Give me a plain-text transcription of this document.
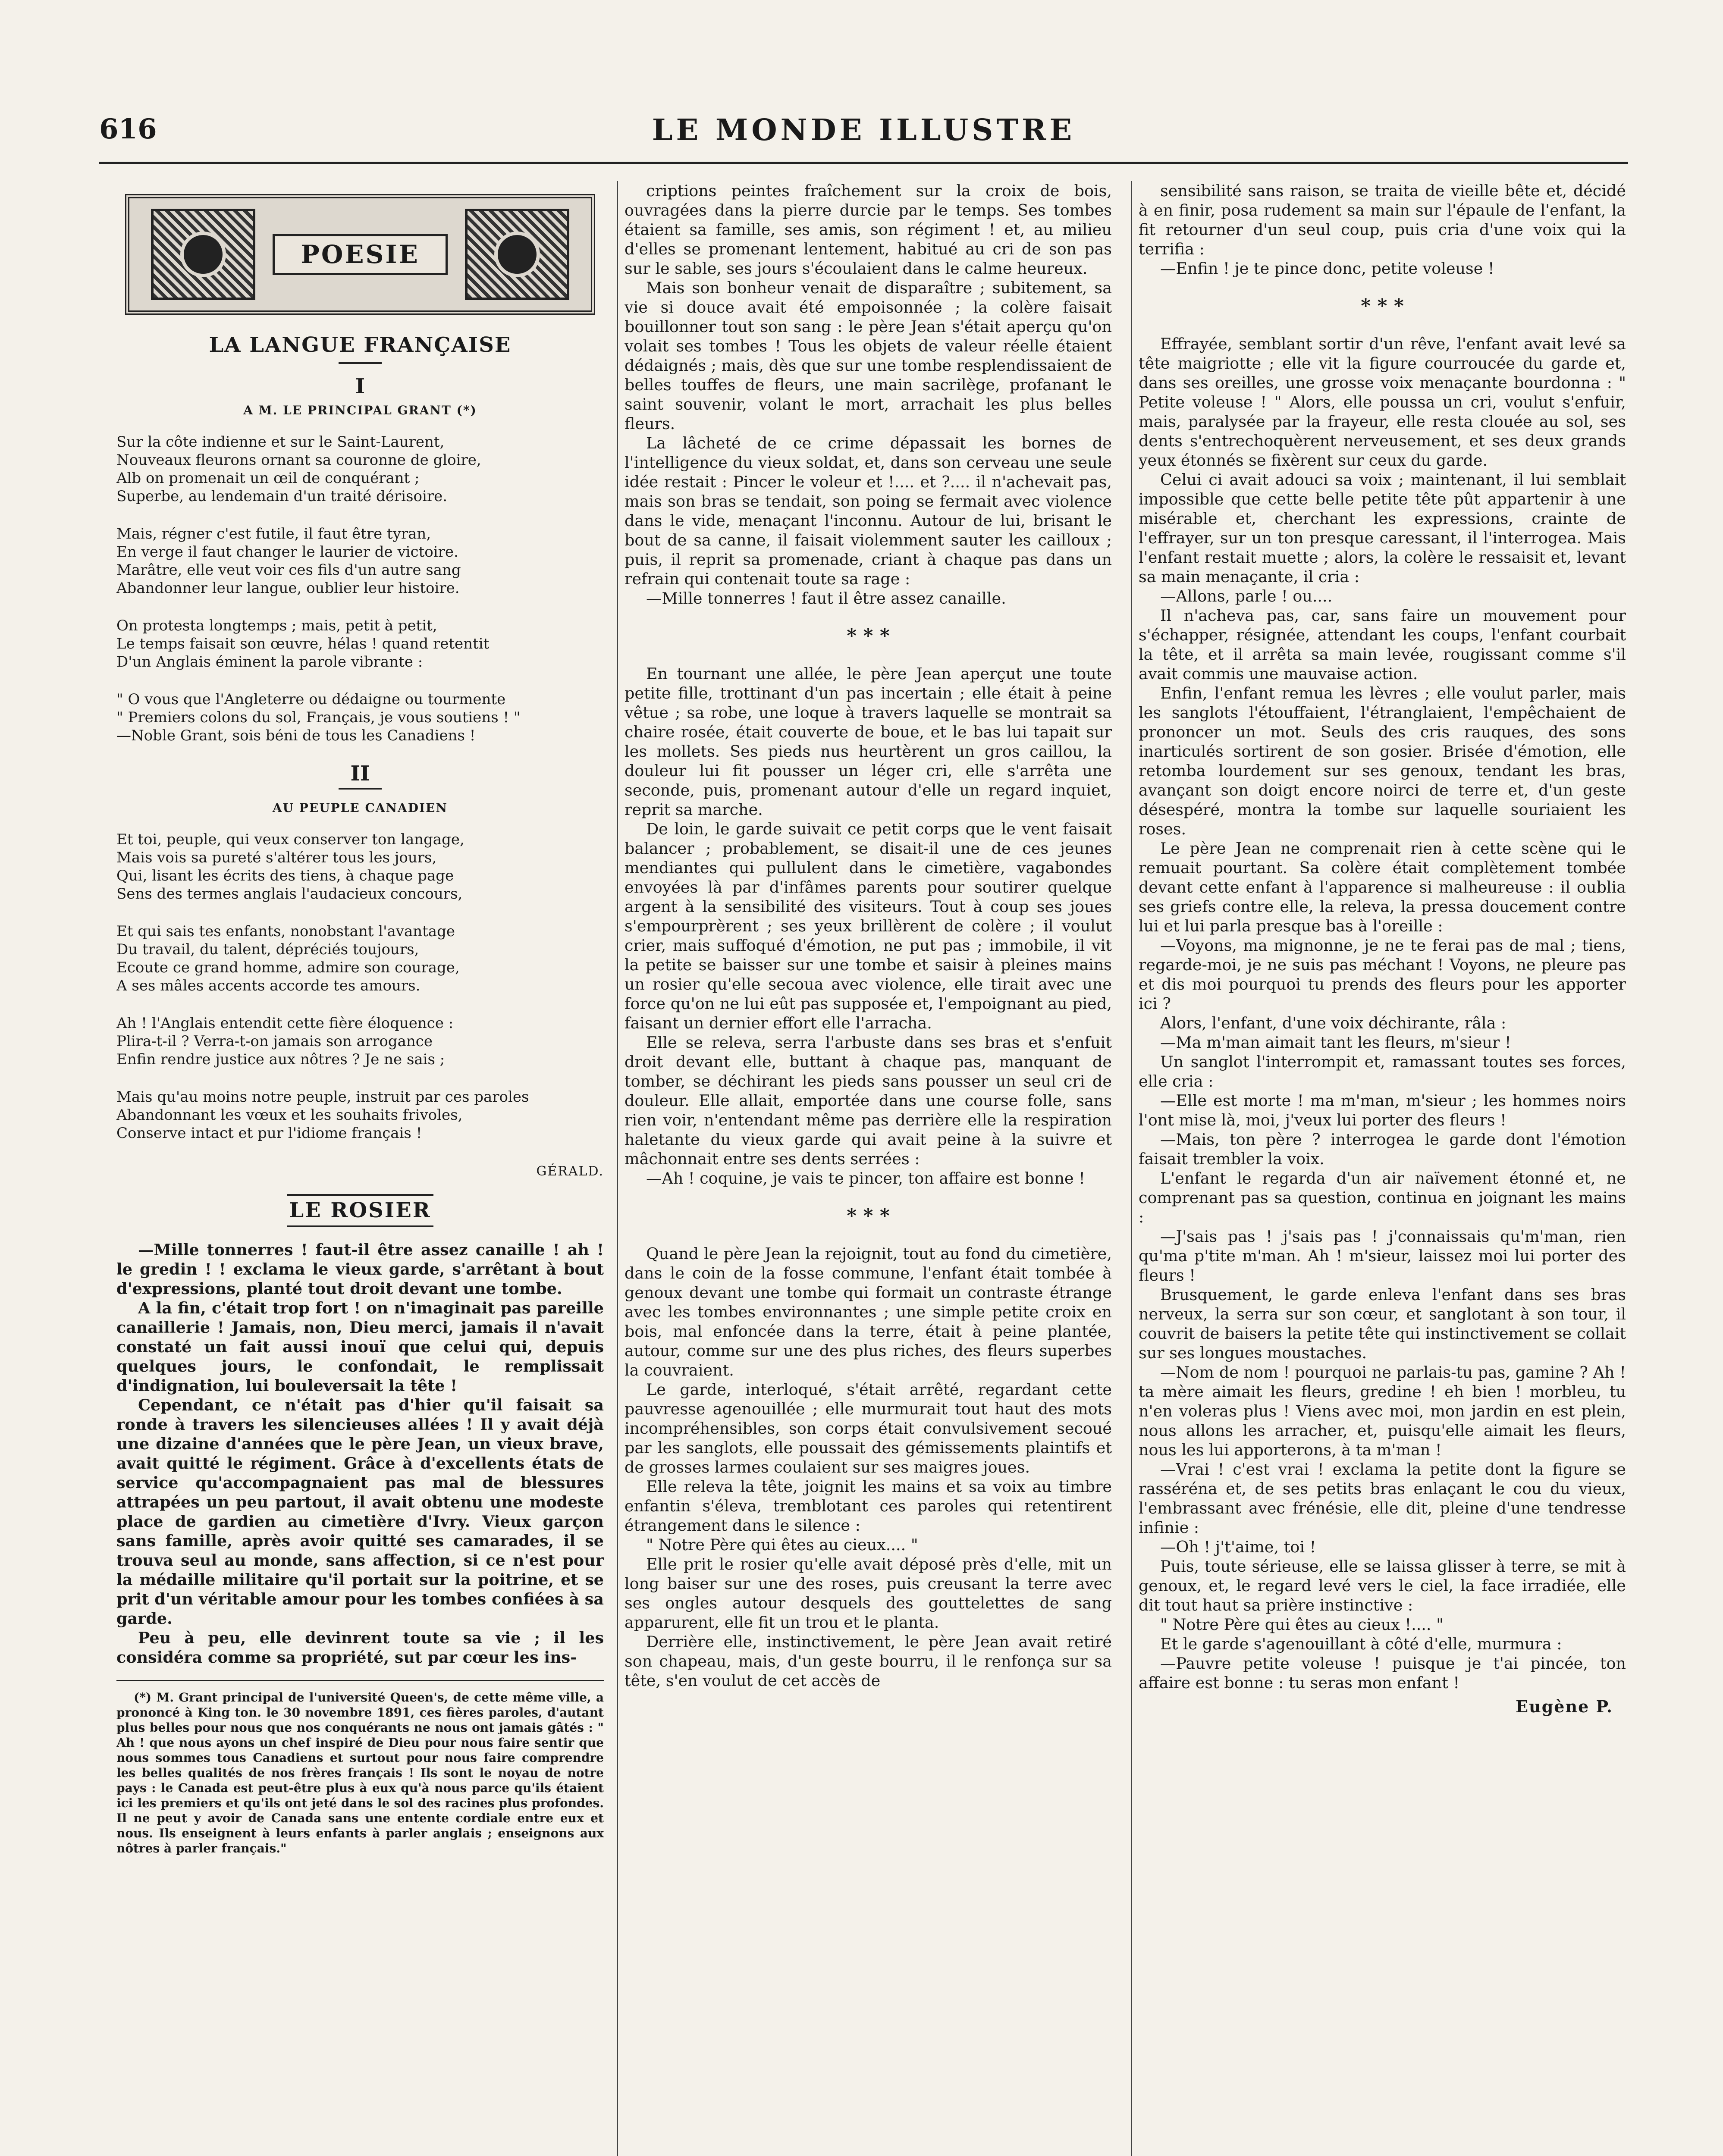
616	LE MONDE ILLUSTRE
POESIE
LA LANGUE FRANÇAISE
I
A M. LE PRINCIPAL GRANT (*)
Sur la côte indienne et sur le Saint-Laurent,
Nouveaux fleurons ornant sa couronne de gloire,
Alb on promenait un œil de conquérant ;
Superbe, au lendemain d'un traité dérisoire.
Mais, régner c'est futile, il faut être tyran,
En verge il faut changer le laurier de victoire.
Marâtre, elle veut voir ces fils d'un autre sang
Abandonner leur langue, oublier leur histoire.
On protesta longtemps ; mais, petit à petit,
Le temps faisait son œuvre, hélas ! quand retentit
D'un Anglais éminent la parole vibrante :
" O vous que l'Angleterre ou dédaigne ou tourmente
" Premiers colons du sol, Français, je vous soutiens ! "
—Noble Grant, sois béni de tous les Canadiens !
II
AU PEUPLE CANADIEN
Et toi, peuple, qui veux conserver ton langage,
Mais vois sa pureté s'altérer tous les jours,
Qui, lisant les écrits des tiens, à chaque page
Sens des termes anglais l'audacieux concours,
Et qui sais tes enfants, nonobstant l'avantage
Du travail, du talent, dépréciés toujours,
Ecoute ce grand homme, admire son courage,
A ses mâles accents accorde tes amours.
Ah ! l'Anglais entendit cette fière éloquence :
Plira-t-il ? Verra-t-on jamais son arrogance
Enfin rendre justice aux nôtres ? Je ne sais ;
Mais qu'au moins notre peuple, instruit par ces paroles
Abandonnant les vœux et les souhaits frivoles,
Conserve intact et pur l'idiome français !
GÉRALD.
LE ROSIER

—Mille tonnerres ! faut-il être assez canaille ! ah ! le gredin ! ! exclama le vieux garde, s'arrêtant à bout d'expressions, planté tout droit devant une tombe.

A la fin, c'était trop fort ! on n'imaginait pas pareille canaillerie ! Jamais, non, Dieu merci, jamais il n'avait constaté un fait aussi inouï que celui qui, depuis quelques jours, le confondait, le remplissait d'indignation, lui bouleversait la tête !

Cependant, ce n'était pas d'hier qu'il faisait sa ronde à travers les silencieuses allées ! Il y avait déjà une dizaine d'années que le père Jean, un vieux brave, avait quitté le régiment. Grâce à d'excellents états de service qu'accompagnaient pas mal de blessures attrapées un peu partout, il avait obtenu une modeste place de gardien au cimetière d'Ivry. Vieux garçon sans famille, après avoir quitté ses camarades, il se trouva seul au monde, sans affection, si ce n'est pour la médaille militaire qu'il portait sur la poitrine, et se prit d'un véritable amour pour les tombes confiées à sa garde.

Peu à peu, elle devinrent toute sa vie ; il les considéra comme sa propriété, sut par cœur les ins-

(*) M. Grant principal de l'université Queen's, de cette même ville, a prononcé à King ton. le 30 novembre 1891, ces fières paroles, d'autant plus belles pour nous que nos conquérants ne nous ont jamais gâtés : " Ah ! que nous ayons un chef inspiré de Dieu pour nous faire sentir que nous sommes tous Canadiens et surtout pour nous faire comprendre les belles qualités de nos frères français ! Ils sont le noyau de notre pays : le Canada est peut-être plus à eux qu'à nous parce qu'ils étaient ici les premiers et qu'ils ont jeté dans le sol des racines plus profondes. Il ne peut y avoir de Canada sans une entente cordiale entre eux et nous. Ils enseignent à leurs enfants à parler anglais ; enseignons aux nôtres à parler français."

criptions peintes fraîchement sur la croix de bois, ouvragées dans la pierre durcie par le temps. Ses tombes étaient sa famille, ses amis, son régiment ! et, au milieu d'elles se promenant lentement, habitué au cri de son pas sur le sable, ses jours s'écoulaient dans le calme heureux.

Mais son bonheur venait de disparaître ; subitement, sa vie si douce avait été empoisonnée ; la colère faisait bouillonner tout son sang : le père Jean s'était aperçu qu'on volait ses tombes ! Tous les objets de valeur réelle étaient dédaignés ; mais, dès que sur une tombe resplendissaient de belles touffes de fleurs, une main sacrilège, profanant le saint souvenir, volant le mort, arrachait les plus belles fleurs.

La lâcheté de ce crime dépassait les bornes de l'intelligence du vieux soldat, et, dans son cerveau une seule idée restait : Pincer le voleur et !.... et ?.... il n'achevait pas, mais son bras se tendait, son poing se fermait avec violence dans le vide, menaçant l'inconnu. Autour de lui, brisant le bout de sa canne, il faisait violemment sauter les cailloux ; puis, il reprit sa promenade, criant à chaque pas dans un refrain qui contenait toute sa rage :

—Mille tonnerres ! faut il être assez canaille.

* * *

En tournant une allée, le père Jean aperçut une toute petite fille, trottinant d'un pas incertain ; elle était à peine vêtue ; sa robe, une loque à travers laquelle se montrait sa chaire rosée, était couverte de boue, et le bas lui tapait sur les mollets. Ses pieds nus heurtèrent un gros caillou, la douleur lui fit pousser un léger cri, elle s'arrêta une seconde, puis, promenant autour d'elle un regard inquiet, reprit sa marche.

De loin, le garde suivait ce petit corps que le vent faisait balancer ; probablement, se disait-il une de ces jeunes mendiantes qui pullulent dans le cimetière, vagabondes envoyées là par d'infâmes parents pour soutirer quelque argent à la sensibilité des visiteurs. Tout à coup ses joues s'empourprèrent ; ses yeux brillèrent de colère ; il voulut crier, mais suffoqué d'émotion, ne put pas ; immobile, il vit la petite se baisser sur une tombe et saisir à pleines mains un rosier qu'elle secoua avec violence, elle tirait avec une force qu'on ne lui eût pas supposée et, l'empoignant au pied, faisant un dernier effort elle l'arracha.

Elle se releva, serra l'arbuste dans ses bras et s'enfuit droit devant elle, buttant à chaque pas, manquant de tomber, se déchirant les pieds sans pousser un seul cri de douleur. Elle allait, emportée dans une course folle, sans rien voir, n'entendant même pas derrière elle la respiration haletante du vieux garde qui avait peine à la suivre et mâchonnait entre ses dents serrées :

—Ah ! coquine, je vais te pincer, ton affaire est bonne !

* * *

Quand le père Jean la rejoignit, tout au fond du cimetière, dans le coin de la fosse commune, l'enfant était tombée à genoux devant une tombe qui formait un contraste étrange avec les tombes environnantes ; une simple petite croix en bois, mal enfoncée dans la terre, était à peine plantée, autour, comme sur une des plus riches, des fleurs superbes la couvraient.

Le garde, interloqué, s'était arrêté, regardant cette pauvresse agenouillée ; elle murmurait tout haut des mots incompréhensibles, son corps était convulsivement secoué par les sanglots, elle poussait des gémissements plaintifs et de grosses larmes coulaient sur ses maigres joues.

Elle releva la tête, joignit les mains et sa voix au timbre enfantin s'éleva, tremblotant ces paroles qui retentirent étrangement dans le silence :

" Notre Père qui êtes au cieux.... "

Elle prit le rosier qu'elle avait déposé près d'elle, mit un long baiser sur une des roses, puis creusant la terre avec ses ongles autour desquels des gouttelettes de sang apparurent, elle fit un trou et le planta.

Derrière elle, instinctivement, le père Jean avait retiré son chapeau, mais, d'un geste bourru, il le renfonça sur sa tête, s'en voulut de cet accès de

sensibilité sans raison, se traita de vieille bête et, décidé à en finir, posa rudement sa main sur l'épaule de l'enfant, la fit retourner d'un seul coup, puis cria d'une voix qui la terrifia :

—Enfin ! je te pince donc, petite voleuse !

* * *

Effrayée, semblant sortir d'un rêve, l'enfant avait levé sa tête maigriotte ; elle vit la figure courroucée du garde et, dans ses oreilles, une grosse voix menaçante bourdonna : " Petite voleuse ! " Alors, elle poussa un cri, voulut s'enfuir, mais, paralysée par la frayeur, elle resta clouée au sol, ses dents s'entrechoquèrent nerveusement, et ses deux grands yeux étonnés se fixèrent sur ceux du garde.

Celui ci avait adouci sa voix ; maintenant, il lui semblait impossible que cette belle petite tête pût appartenir à une misérable et, cherchant les expressions, crainte de l'effrayer, sur un ton presque caressant, il l'interrogea. Mais l'enfant restait muette ; alors, la colère le ressaisit et, levant sa main menaçante, il cria :

—Allons, parle ! ou....

Il n'acheva pas, car, sans faire un mouvement pour s'échapper, résignée, attendant les coups, l'enfant courbait la tête, et il arrêta sa main levée, rougissant comme s'il avait commis une mauvaise action.

Enfin, l'enfant remua les lèvres ; elle voulut parler, mais les sanglots l'étouffaient, l'étranglaient, l'empêchaient de prononcer un mot. Seuls des cris rauques, des sons inarticulés sortirent de son gosier. Brisée d'émotion, elle retomba lourdement sur ses genoux, tendant les bras, avançant son doigt encore noirci de terre et, d'un geste désespéré, montra la tombe sur laquelle souriaient les roses.

Le père Jean ne comprenait rien à cette scène qui le remuait pourtant. Sa colère était complètement tombée devant cette enfant à l'apparence si malheureuse : il oublia ses griefs contre elle, la releva, la pressa doucement contre lui et lui parla presque bas à l'oreille :

—Voyons, ma mignonne, je ne te ferai pas de mal ; tiens, regarde-moi, je ne suis pas méchant ! Voyons, ne pleure pas et dis moi pourquoi tu prends des fleurs pour les apporter ici ?

Alors, l'enfant, d'une voix déchirante, râla :

—Ma m'man aimait tant les fleurs, m'sieur !

Un sanglot l'interrompit et, ramassant toutes ses forces, elle cria :

—Elle est morte ! ma m'man, m'sieur ; les hommes noirs l'ont mise là, moi, j'veux lui porter des fleurs !

—Mais, ton père ? interrogea le garde dont l'émotion faisait trembler la voix.

L'enfant le regarda d'un air naïvement étonné et, ne comprenant pas sa question, continua en joignant les mains :

—J'sais pas ! j'sais pas ! j'connaissais qu'm'man, rien qu'ma p'tite m'man. Ah ! m'sieur, laissez moi lui porter des fleurs !

Brusquement, le garde enleva l'enfant dans ses bras nerveux, la serra sur son cœur, et sanglotant à son tour, il couvrit de baisers la petite tête qui instinctivement se collait sur ses longues moustaches.

—Nom de nom ! pourquoi ne parlais-tu pas, gamine ? Ah ! ta mère aimait les fleurs, gredine ! eh bien ! morbleu, tu n'en voleras plus ! Viens avec moi, mon jardin en est plein, nous allons les arracher, et, puisqu'elle aimait les fleurs, nous les lui apporterons, à ta m'man !

—Vrai ! c'est vrai ! exclama la petite dont la figure se rasséréna et, de ses petits bras enlaçant le cou du vieux, l'embrassant avec frénésie, elle dit, pleine d'une tendresse infinie :

—Oh ! j't'aime, toi !

Puis, toute sérieuse, elle se laissa glisser à terre, se mit à genoux, et, le regard levé vers le ciel, la face irradiée, elle dit tout haut sa prière instinctive :

" Notre Père qui êtes au cieux !.... "

Et le garde s'agenouillant à côté d'elle, murmura :

—Pauvre petite voleuse ! puisque je t'ai pincée, ton affaire est bonne : tu seras mon enfant !

Eugène P.
